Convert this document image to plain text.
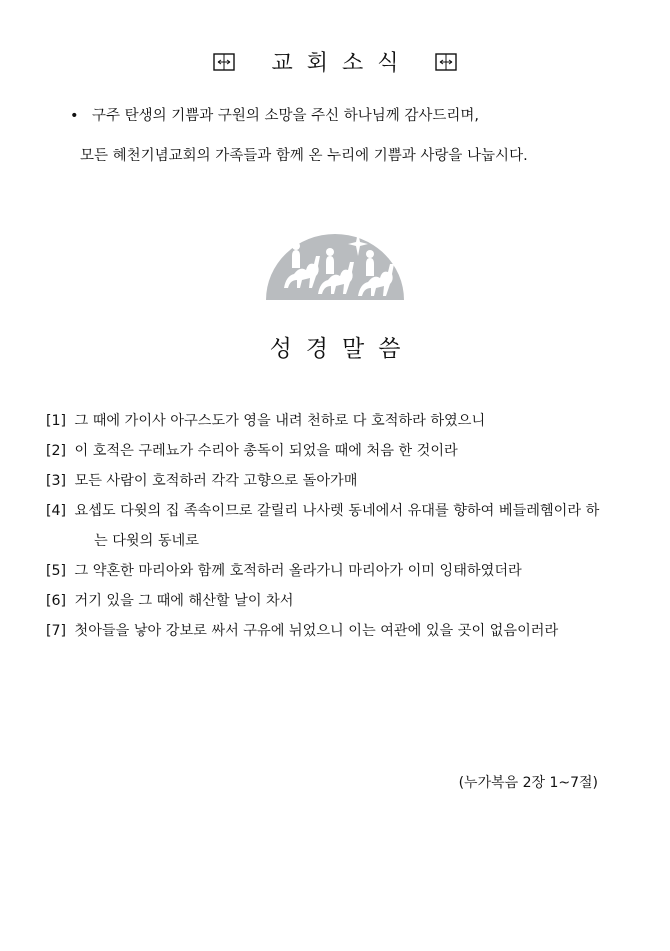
교회소식
• 구주 탄생의 기쁨과 구원의 소망을 주신 하나님께 감사드리며,
모든 혜천기념교회의 가족들과 함께 온 누리에 기쁨과 사랑을 나눕시다.
성경말씀
[1] 그 때에 가이사 아구스도가 영을 내려 천하로 다 호적하라 하였으니
[2] 이 호적은 구레뇨가 수리아 총독이 되었을 때에 처음 한 것이라
[3] 모든 사람이 호적하러 각각 고향으로 돌아가매
[4] 요셉도 다윗의 집 족속이므로 갈릴리 나사렛 동네에서 유대를 향하여 베들레헴이라 하는 다윗의 동네로
[5] 그 약혼한 마리아와 함께 호적하러 올라가니 마리아가 이미 잉태하였더라
[6] 거기 있을 그 때에 해산할 날이 차서
[7] 첫아들을 낳아 강보로 싸서 구유에 뉘었으니 이는 여관에 있을 곳이 없음이러라
(누가복음 2장 1~7절)
